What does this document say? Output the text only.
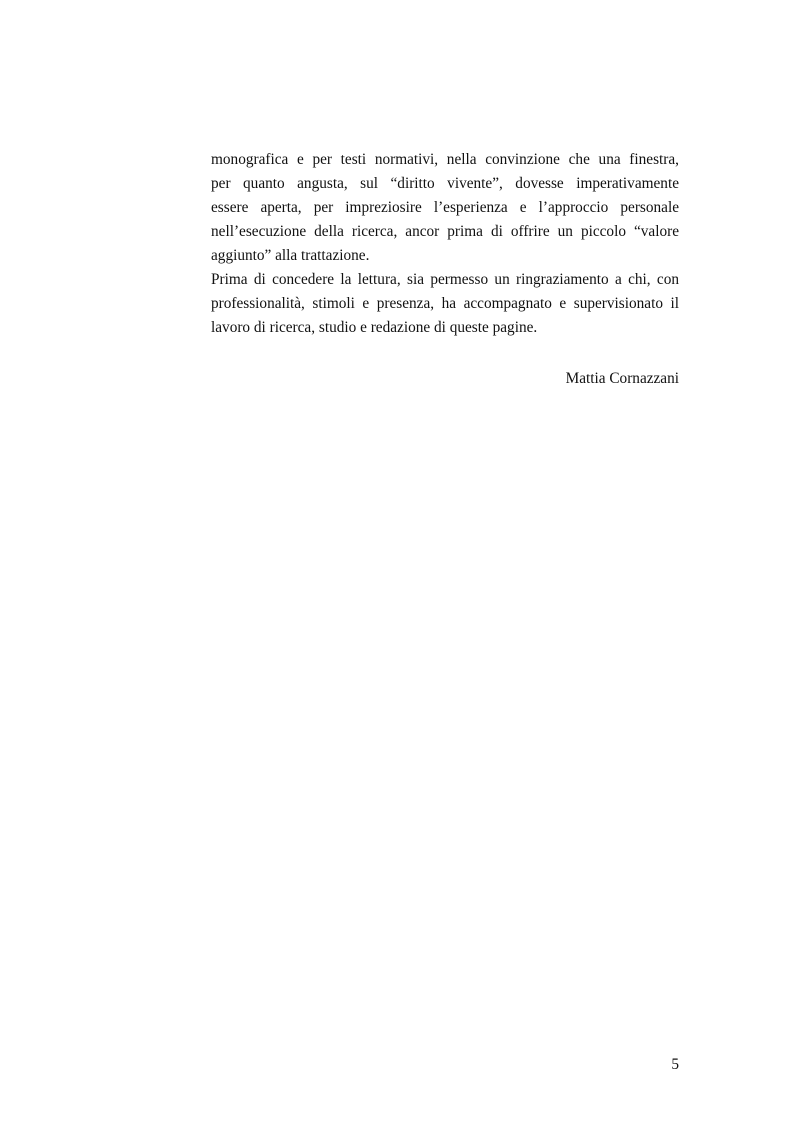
monografica e per testi normativi, nella convinzione che una finestra,
per quanto angusta, sul “diritto vivente”, dovesse imperativamente
essere aperta, per impreziosire l’esperienza e l’approccio personale
nell’esecuzione della ricerca, ancor prima di offrire un piccolo “valore
aggiunto” alla trattazione.

Prima di concedere la lettura, sia permesso un ringraziamento a chi, con
professionalità, stimoli e presenza, ha accompagnato e supervisionato il
lavoro di ricerca, studio e redazione di queste pagine.

Mattia Cornazzani
5
